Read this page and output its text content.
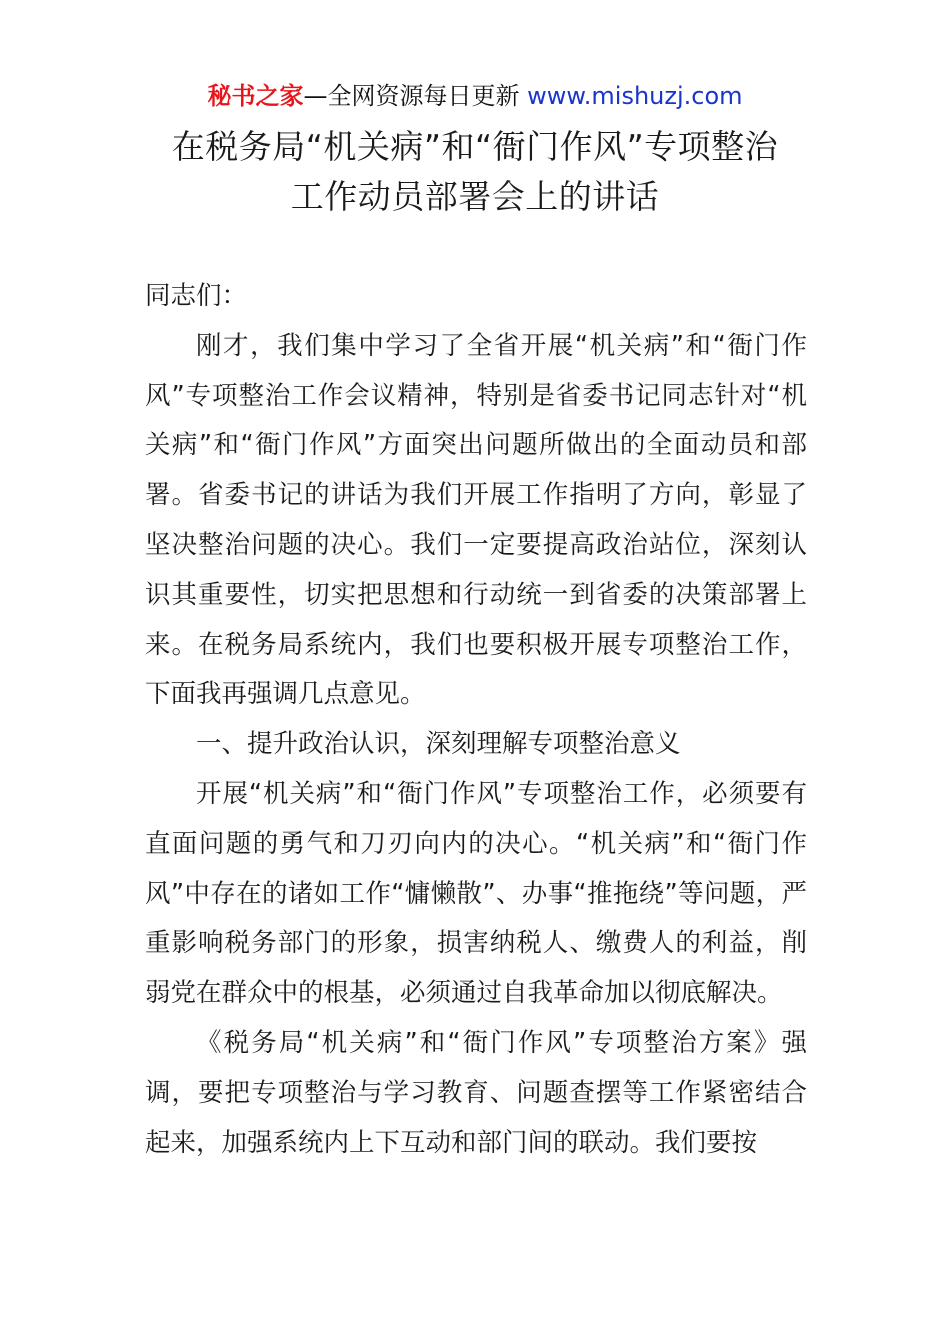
秘书之家—全网资源每日更新 www.mishuzj.com
在税务局“机关病”和“衙门作风”专项整治
工作动员部署会上的讲话

同志们：

刚才，我们集中学习了全省开展“机关病”和“衙门作风”专项整治工作会议精神，特别是省委书记同志针对“机关病”和“衙门作风”方面突出问题所做出的全面动员和部署。省委书记的讲话为我们开展工作指明了方向，彰显了坚决整治问题的决心。我们一定要提高政治站位，深刻认识其重要性，切实把思想和行动统一到省委的决策部署上来。在税务局系统内，我们也要积极开展专项整治工作，下面我再强调几点意见。

一、提升政治认识，深刻理解专项整治意义

开展“机关病”和“衙门作风”专项整治工作，必须要有直面问题的勇气和刀刃向内的决心。“机关病”和“衙门作风”中存在的诸如工作“慵懒散”、办事“推拖绕”等问题，严重影响税务部门的形象，损害纳税人、缴费人的利益，削弱党在群众中的根基，必须通过自我革命加以彻底解决。

《税务局“机关病”和“衙门作风”专项整治方案》强调，要把专项整治与学习教育、问题查摆等工作紧密结合起来，加强系统内上下互动和部门间的联动。我们要按
